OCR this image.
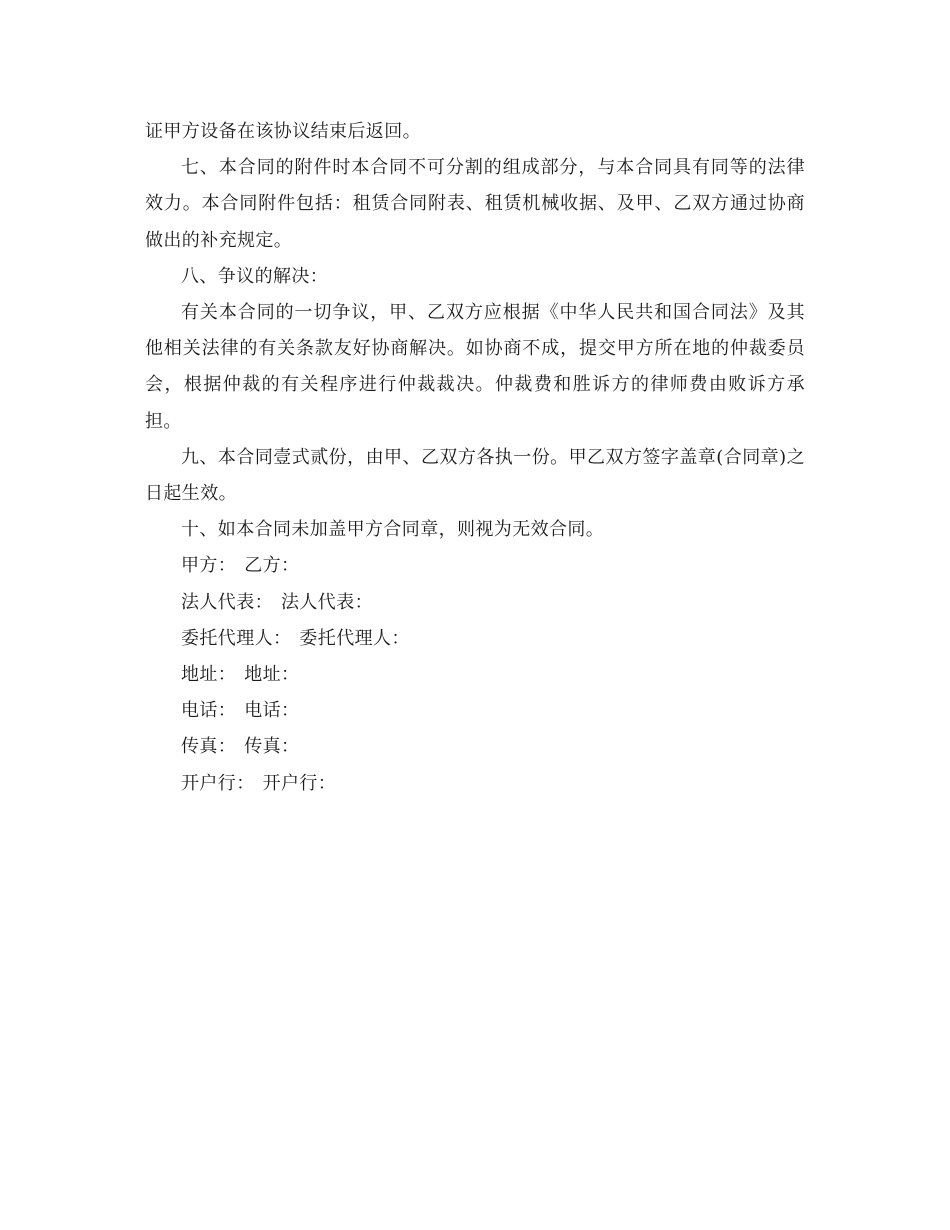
证甲方设备在该协议结束后返回。

七、本合同的附件时本合同不可分割的组成部分，与本合同具有同等的法律效力。本合同附件包括：租赁合同附表、租赁机械收据、及甲、乙双方通过协商做出的补充规定。

八、争议的解决：

有关本合同的一切争议，甲、乙双方应根据《中华人民共和国合同法》及其他相关法律的有关条款友好协商解决。如协商不成，提交甲方所在地的仲裁委员会，根据仲裁的有关程序进行仲裁裁决。仲裁费和胜诉方的律师费由败诉方承担。

九、本合同壹式贰份，由甲、乙双方各执一份。甲乙双方签字盖章(合同章)之日起生效。

十、如本合同未加盖甲方合同章，则视为无效合同。

甲方： 乙方：
法人代表： 法人代表：
委托代理人： 委托代理人：
地址： 地址：
电话： 电话：
传真： 传真：
开户行： 开户行：
